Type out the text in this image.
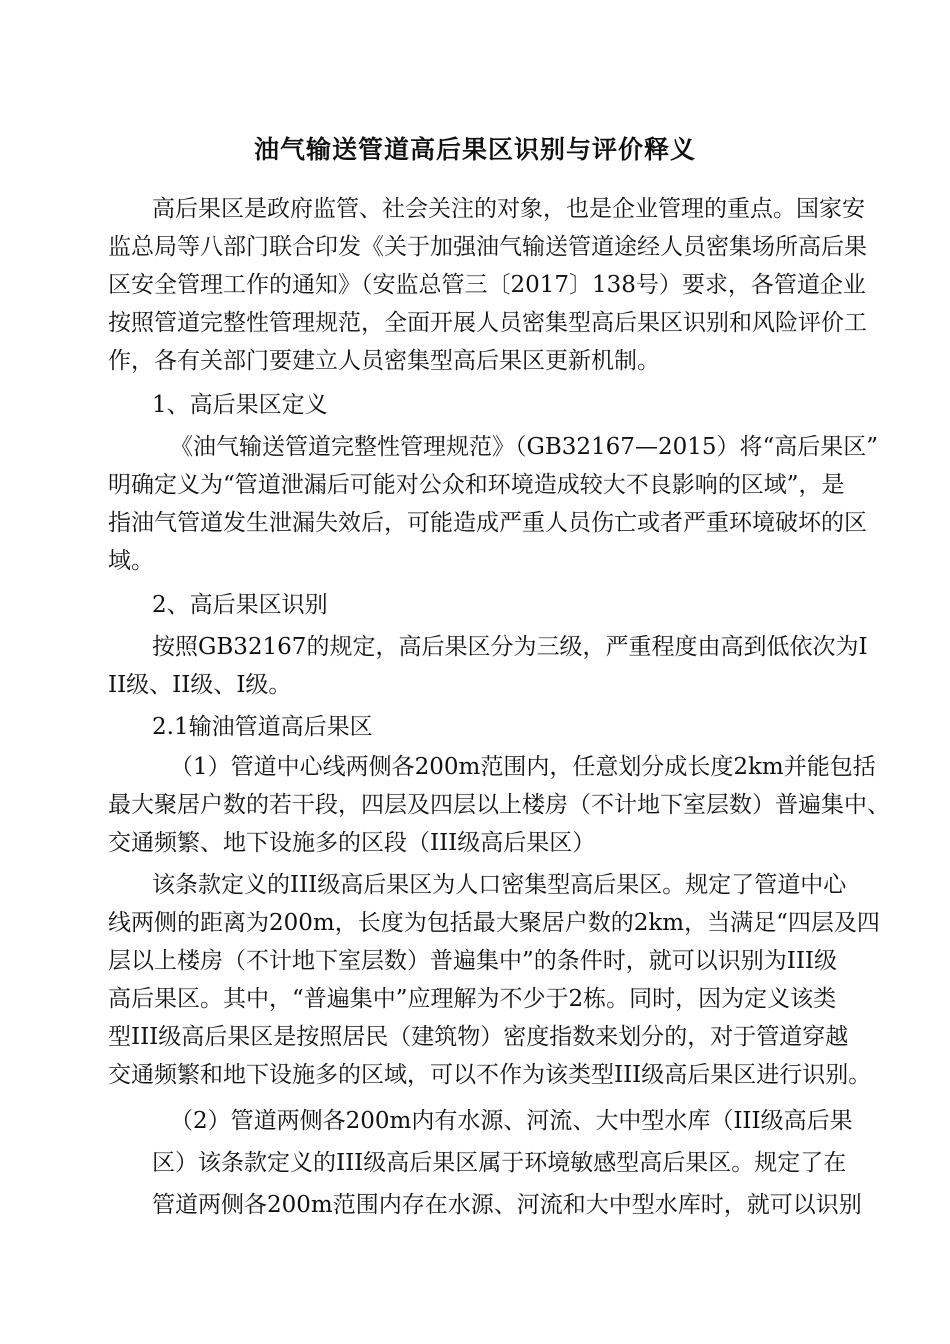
油气输送管道高后果区识别与评价释义

高后果区是政府监管、社会关注的对象，也是企业管理的重点。国家安

监总局等八部门联合印发《关于加强油气输送管道途经人员密集场所高后果

区安全管理工作的通知》（安监总管三〔2017〕138号）要求，各管道企业

按照管道完整性管理规范，全面开展人员密集型高后果区识别和风险评价工

作，各有关部门要建立人员密集型高后果区更新机制。

1、高后果区定义

《油气输送管道完整性管理规范》（GB32167—2015）将“高后果区”

明确定义为“管道泄漏后可能对公众和环境造成较大不良影响的区域”，是

指油气管道发生泄漏失效后，可能造成严重人员伤亡或者严重环境破坏的区

域。

2、高后果区识别

按照GB32167的规定，高后果区分为三级，严重程度由高到低依次为I

II级、II级、I级。

2.1输油管道高后果区

（1）管道中心线两侧各200m范围内，任意划分成长度2km并能包括

最大聚居户数的若干段，四层及四层以上楼房（不计地下室层数）普遍集中、

交通频繁、地下设施多的区段（III级高后果区）

该条款定义的III级高后果区为人口密集型高后果区。规定了管道中心

线两侧的距离为200m，长度为包括最大聚居户数的2km，当满足“四层及四

层以上楼房（不计地下室层数）普遍集中”的条件时，就可以识别为III级

高后果区。其中，“普遍集中”应理解为不少于2栋。同时，因为定义该类

型III级高后果区是按照居民（建筑物）密度指数来划分的，对于管道穿越

交通频繁和地下设施多的区域，可以不作为该类型III级高后果区进行识别。

（2）管道两侧各200m内有水源、河流、大中型水库（III级高后果

区）该条款定义的III级高后果区属于环境敏感型高后果区。规定了在

管道两侧各200m范围内存在水源、河流和大中型水库时，就可以识别
